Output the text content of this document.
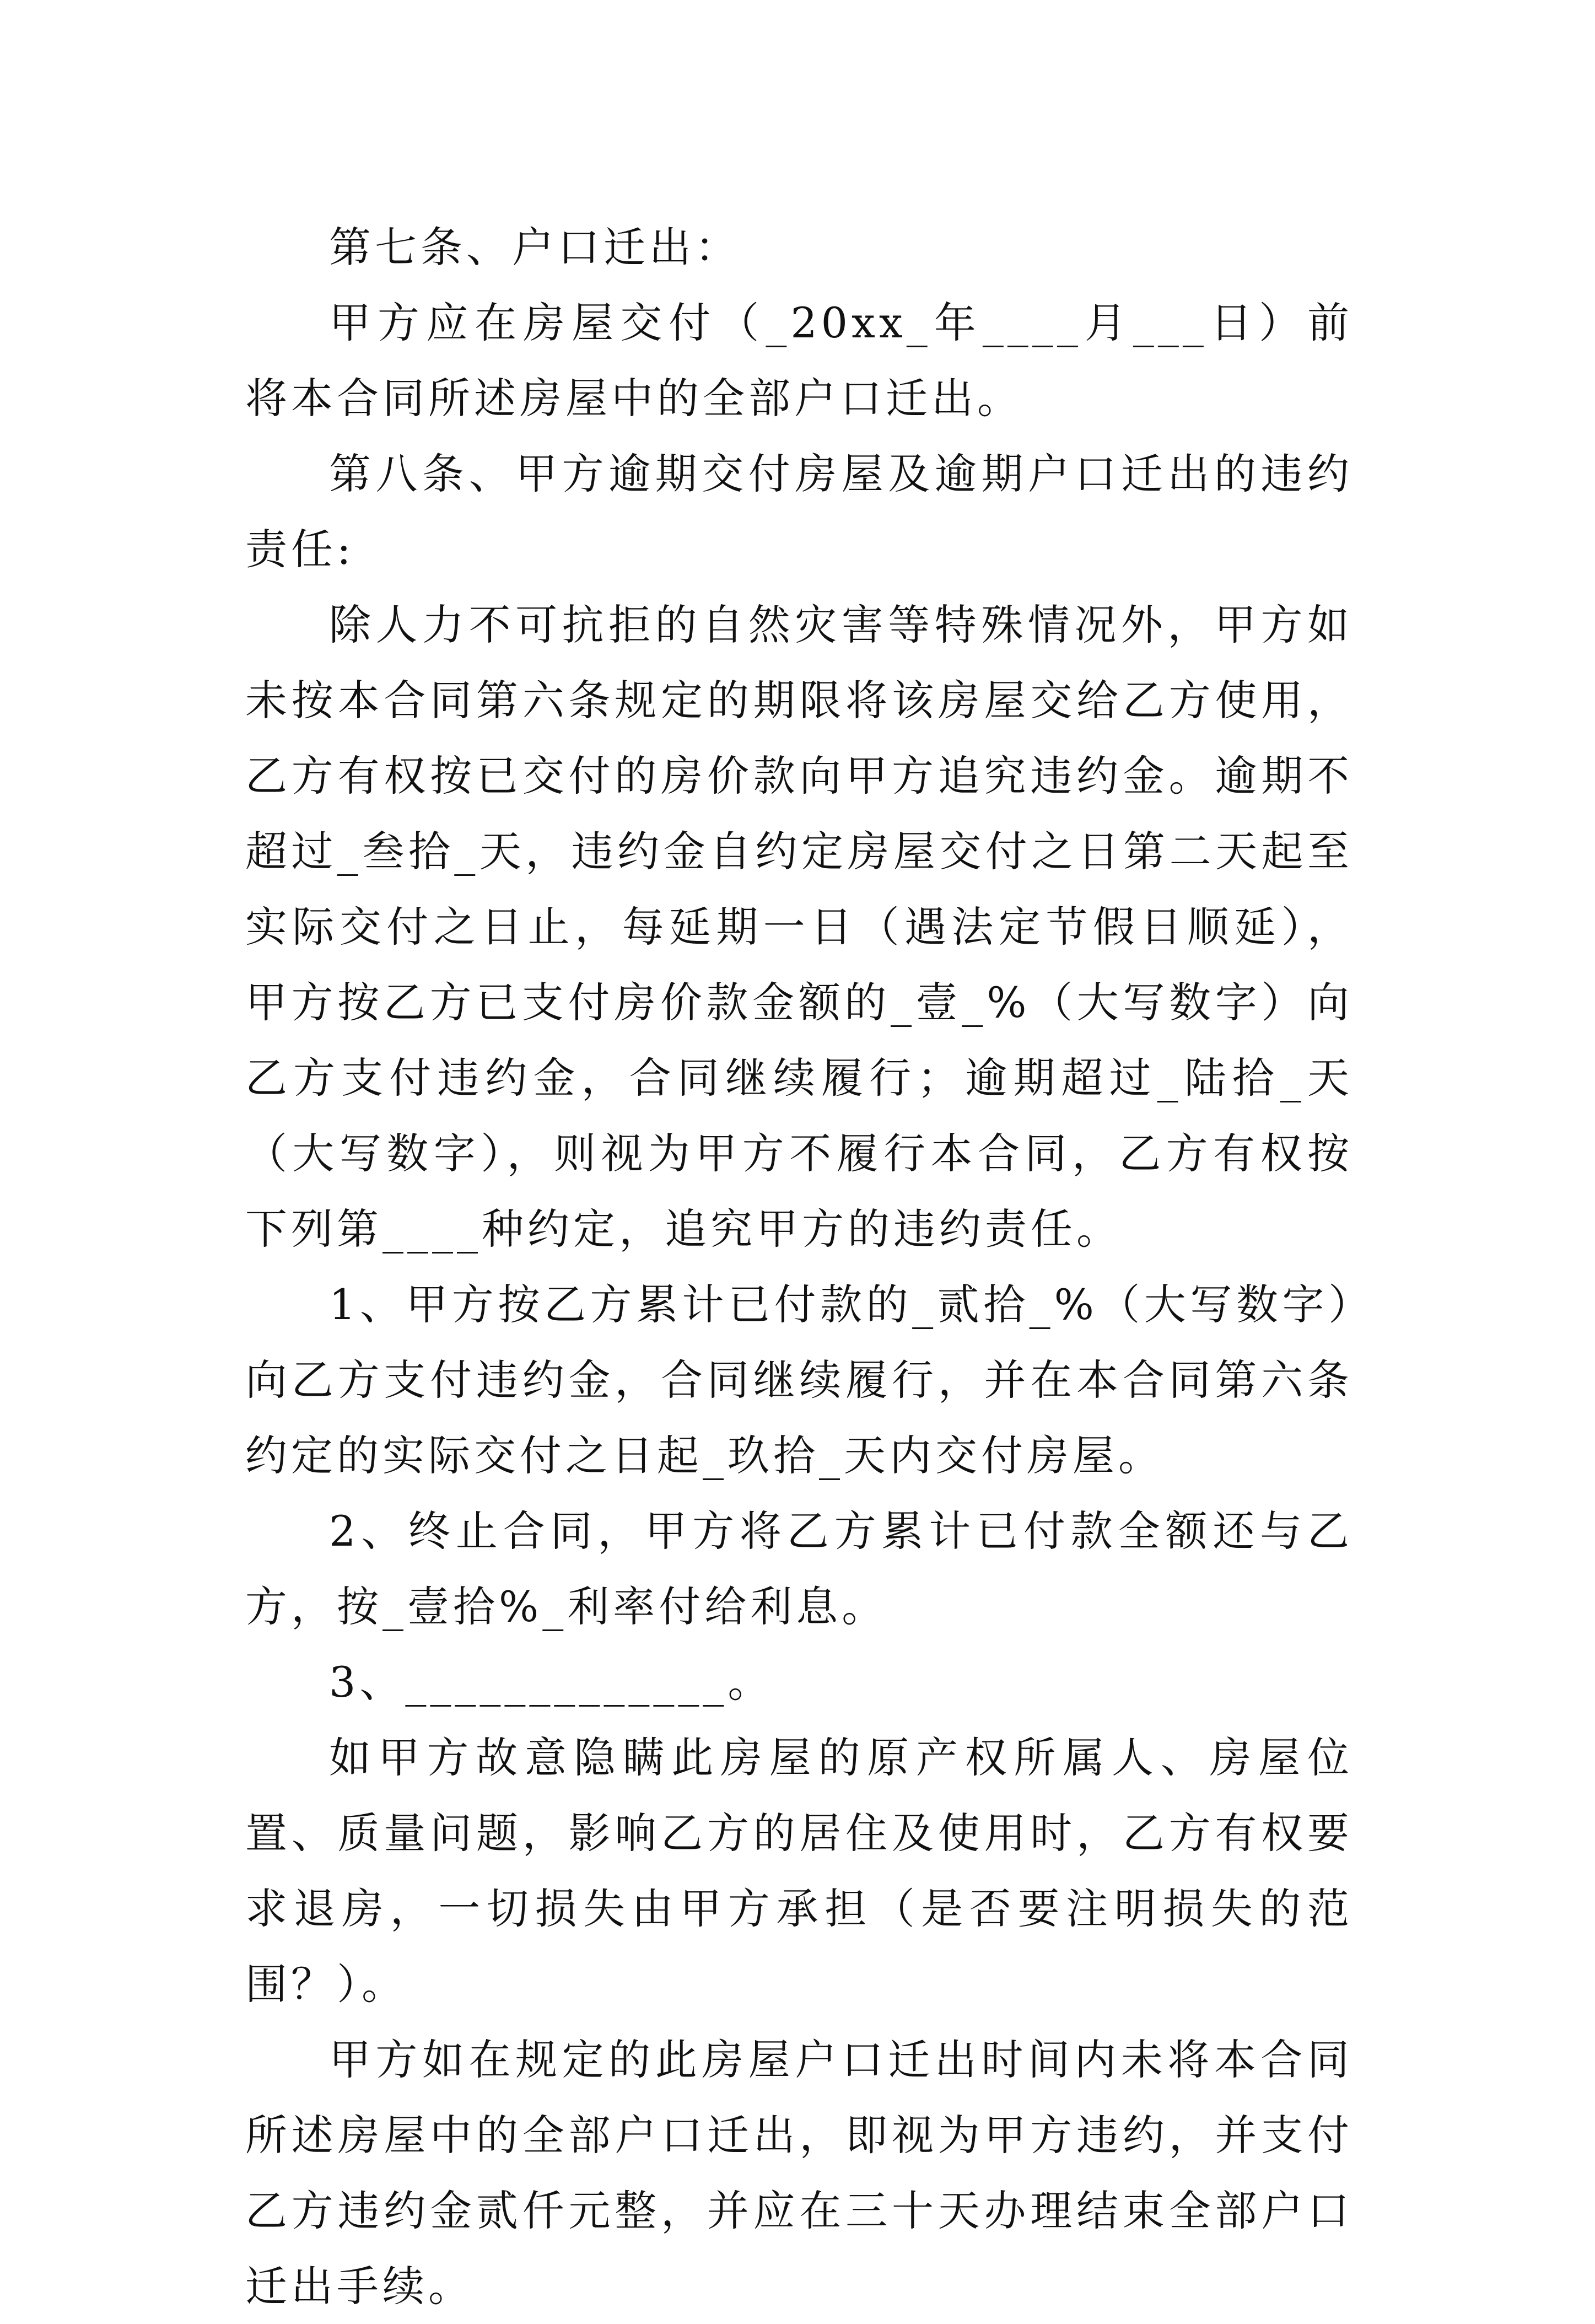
第七条、户口迁出：

甲方应在房屋交付（_20xx_年____月___日）前将本合同所述房屋中的全部户口迁出。

第八条、甲方逾期交付房屋及逾期户口迁出的违约责任:

除人力不可抗拒的自然灾害等特殊情况外，甲方如未按本合同第六条规定的期限将该房屋交给乙方使用，乙方有权按已交付的房价款向甲方追究违约金。逾期不超过_叁拾_天，违约金自约定房屋交付之日第二天起至实际交付之日止，每延期一日（遇法定节假日顺延），甲方按乙方已支付房价款金额的_壹_%（大写数字）向乙方支付违约金，合同继续履行；逾期超过_陆拾_天（大写数字），则视为甲方不履行本合同，乙方有权按下列第____种约定，追究甲方的违约责任。

1、甲方按乙方累计已付款的_贰拾_%（大写数字）向乙方支付违约金，合同继续履行，并在本合同第六条约定的实际交付之日起_玖拾_天内交付房屋。

2、终止合同，甲方将乙方累计已付款全额还与乙方，按_壹拾%_利率付给利息。

3、_____________。

如甲方故意隐瞒此房屋的原产权所属人、房屋位置、质量问题，影响乙方的居住及使用时，乙方有权要求退房，一切损失由甲方承担（是否要注明损失的范围？）。

甲方如在规定的此房屋户口迁出时间内未将本合同所述房屋中的全部户口迁出，即视为甲方违约，并支付乙方违约金贰仟元整，并应在三十天办理结束全部户口迁出手续。
